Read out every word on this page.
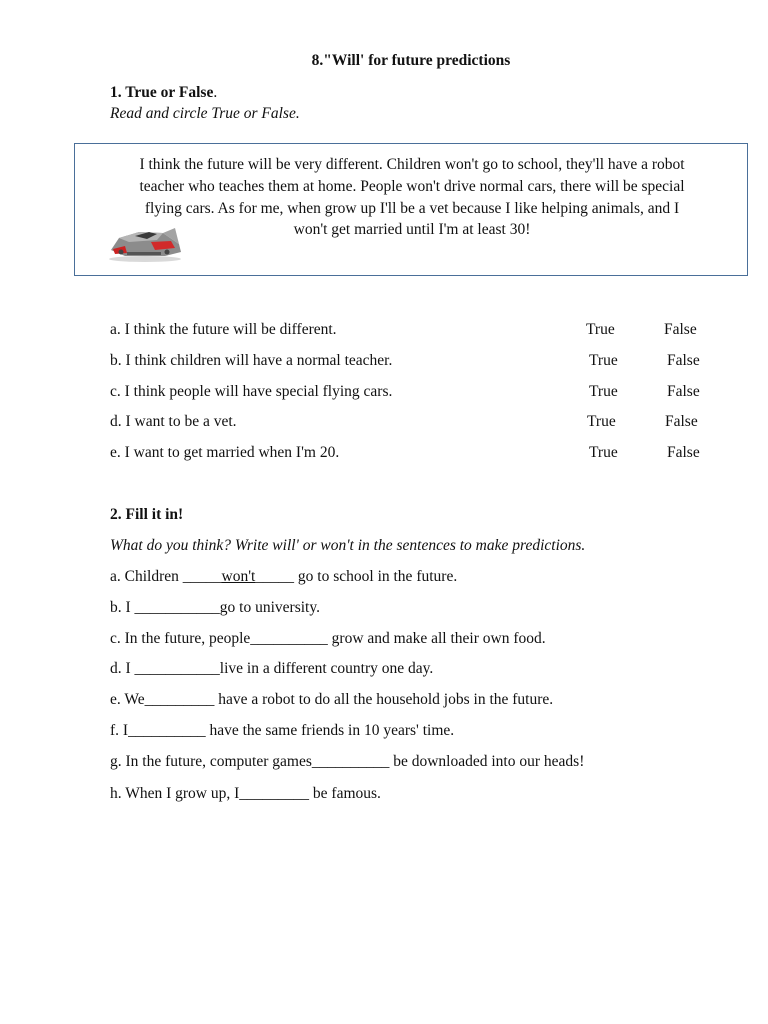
8."Will' for future predictions
1. True or False.
Read and circle True or False.
I think the future will be very different. Children won't go to school, they'll have a robot
teacher who teaches them at home. People won't drive normal cars, there will be special
flying cars. As for me, when grow up I'll be a vet because I like helping animals, and I
won't get married until I'm at least 30!
a. I think the future will be different.	True	False
b. I think children will have a normal teacher.	True	False
c. I think people will have special flying cars.	True	False
d. I want to be a vet.	True	False
e. I want to get married when I'm 20.	True	False
2. Fill it in!
What do you think? Write will' or won't in the sentences to make predictions.
a. Children _____won't_____ go to school in the future.
b. I ___________go to university.
c. In the future, people__________ grow and make all their own food.
d. I ___________live in a different country one day.
e. We_________ have a robot to do all the household jobs in the future.
f. I__________ have the same friends in 10 years' time.
g. In the future, computer games__________ be downloaded into our heads!
h. When I grow up, I_________ be famous.
